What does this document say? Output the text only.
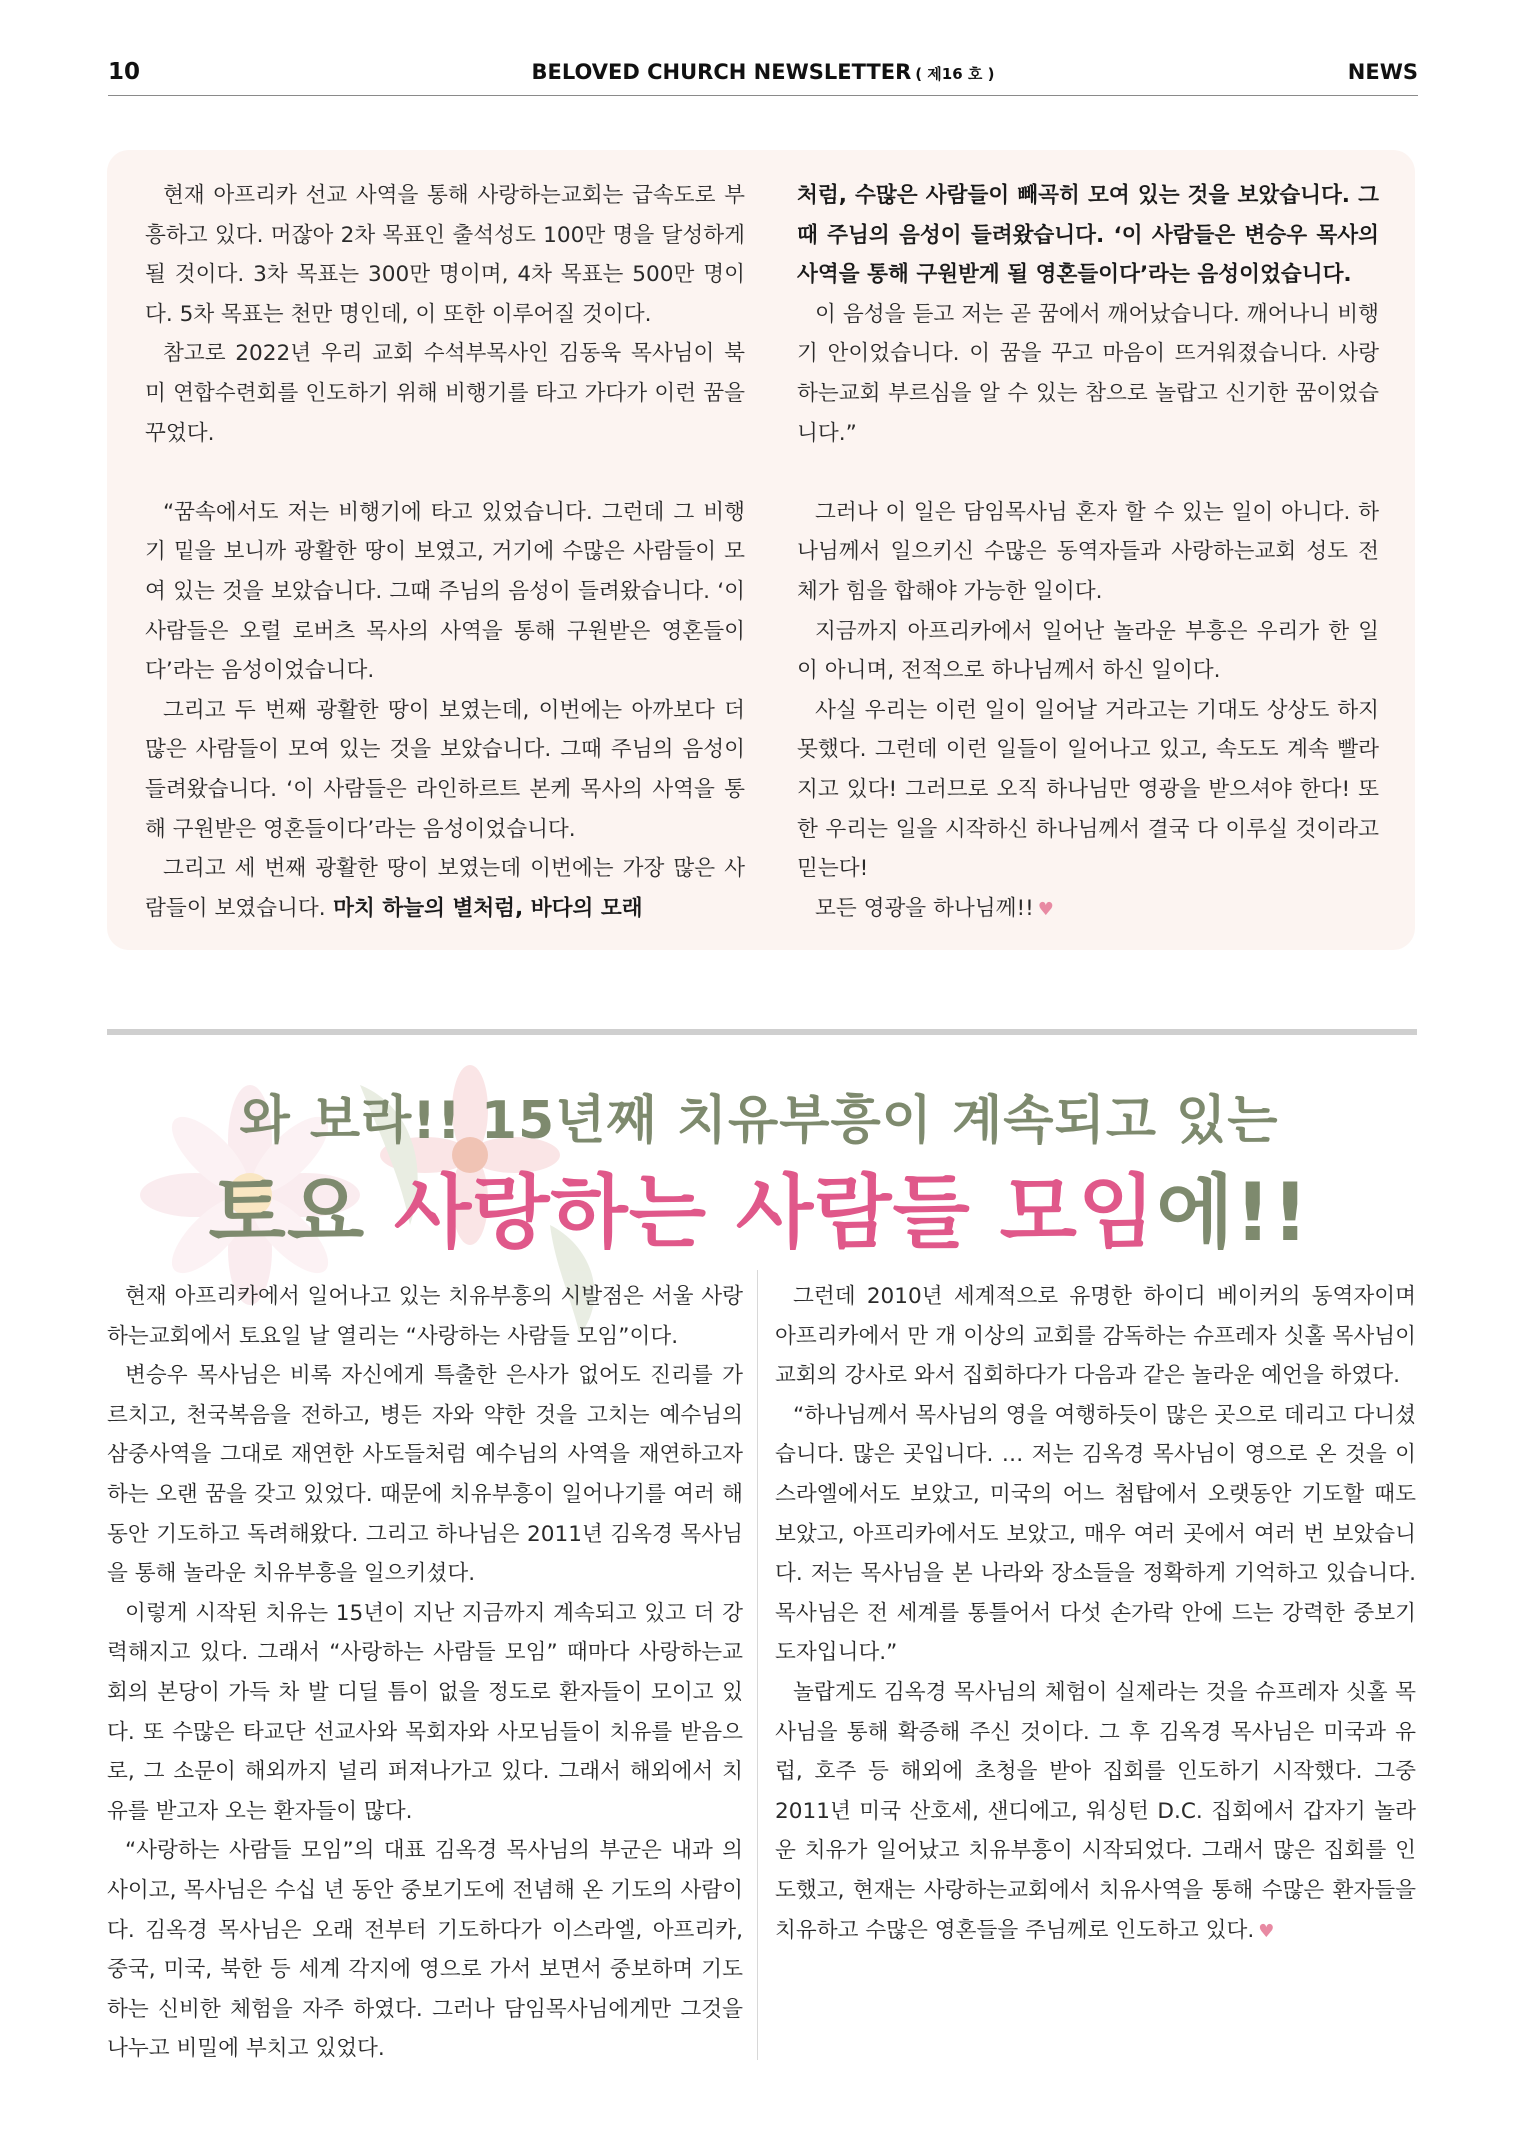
10	BELOVED CHURCH NEWSLETTER ( 제16 호 )	NEWS

현재 아프리카 선교 사역을 통해 사랑하는교회는 급속도로 부흥하고 있다. 머잖아 2차 목표인 출석성도 100만 명을 달성하게 될 것이다. 3차 목표는 300만 명이며, 4차 목표는 500만 명이다. 5차 목표는 천만 명인데, 이 또한 이루어질 것이다.

참고로 2022년 우리 교회 수석부목사인 김동욱 목사님이 북미 연합수련회를 인도하기 위해 비행기를 타고 가다가 이런 꿈을 꾸었다.

“꿈속에서도 저는 비행기에 타고 있었습니다. 그런데 그 비행기 밑을 보니까 광활한 땅이 보였고, 거기에 수많은 사람들이 모여 있는 것을 보았습니다. 그때 주님의 음성이 들려왔습니다. ‘이 사람들은 오럴 로버츠 목사의 사역을 통해 구원받은 영혼들이다’라는 음성이었습니다.

그리고 두 번째 광활한 땅이 보였는데, 이번에는 아까보다 더 많은 사람들이 모여 있는 것을 보았습니다. 그때 주님의 음성이 들려왔습니다. ‘이 사람들은 라인하르트 본케 목사의 사역을 통해 구원받은 영혼들이다’라는 음성이었습니다.

그리고 세 번째 광활한 땅이 보였는데 이번에는 가장 많은 사람들이 보였습니다. 마치 하늘의 별처럼, 바다의 모래

처럼, 수많은 사람들이 빼곡히 모여 있는 것을 보았습니다. 그때 주님의 음성이 들려왔습니다. ‘이 사람들은 변승우 목사의 사역을 통해 구원받게 될 영혼들이다’라는 음성이었습니다.

이 음성을 듣고 저는 곧 꿈에서 깨어났습니다. 깨어나니 비행기 안이었습니다. 이 꿈을 꾸고 마음이 뜨거워졌습니다. 사랑하는교회 부르심을 알 수 있는 참으로 놀랍고 신기한 꿈이었습니다.”

그러나 이 일은 담임목사님 혼자 할 수 있는 일이 아니다. 하나님께서 일으키신 수많은 동역자들과 사랑하는교회 성도 전체가 힘을 합해야 가능한 일이다.

지금까지 아프리카에서 일어난 놀라운 부흥은 우리가 한 일이 아니며, 전적으로 하나님께서 하신 일이다.

사실 우리는 이런 일이 일어날 거라고는 기대도 상상도 하지 못했다. 그런데 이런 일들이 일어나고 있고, 속도도 계속 빨라지고 있다! 그러므로 오직 하나님만 영광을 받으셔야 한다! 또한 우리는 일을 시작하신 하나님께서 결국 다 이루실 것이라고 믿는다!

모든 영광을 하나님께!! ♥

와 보라!! 15년째 치유부흥이 계속되고 있는
토요 사랑하는 사람들 모임에!!

현재 아프리카에서 일어나고 있는 치유부흥의 시발점은 서울 사랑하는교회에서 토요일 날 열리는 “사랑하는 사람들 모임”이다.

변승우 목사님은 비록 자신에게 특출한 은사가 없어도 진리를 가르치고, 천국복음을 전하고, 병든 자와 약한 것을 고치는 예수님의 삼중사역을 그대로 재연한 사도들처럼 예수님의 사역을 재연하고자 하는 오랜 꿈을 갖고 있었다. 때문에 치유부흥이 일어나기를 여러 해 동안 기도하고 독려해왔다. 그리고 하나님은 2011년 김옥경 목사님을 통해 놀라운 치유부흥을 일으키셨다.

이렇게 시작된 치유는 15년이 지난 지금까지 계속되고 있고 더 강력해지고 있다. 그래서 “사랑하는 사람들 모임” 때마다 사랑하는교회의 본당이 가득 차 발 디딜 틈이 없을 정도로 환자들이 모이고 있다. 또 수많은 타교단 선교사와 목회자와 사모님들이 치유를 받음으로, 그 소문이 해외까지 널리 퍼져나가고 있다. 그래서 해외에서 치유를 받고자 오는 환자들이 많다.

“사랑하는 사람들 모임”의 대표 김옥경 목사님의 부군은 내과 의사이고, 목사님은 수십 년 동안 중보기도에 전념해 온 기도의 사람이다. 김옥경 목사님은 오래 전부터 기도하다가 이스라엘, 아프리카, 중국, 미국, 북한 등 세계 각지에 영으로 가서 보면서 중보하며 기도하는 신비한 체험을 자주 하였다. 그러나 담임목사님에게만 그것을 나누고 비밀에 부치고 있었다.

그런데 2010년 세계적으로 유명한 하이디 베이커의 동역자이며 아프리카에서 만 개 이상의 교회를 감독하는 슈프레자 싯홀 목사님이 교회의 강사로 와서 집회하다가 다음과 같은 놀라운 예언을 하였다.

“하나님께서 목사님의 영을 여행하듯이 많은 곳으로 데리고 다니셨습니다. 많은 곳입니다. … 저는 김옥경 목사님이 영으로 온 것을 이스라엘에서도 보았고, 미국의 어느 첨탑에서 오랫동안 기도할 때도 보았고, 아프리카에서도 보았고, 매우 여러 곳에서 여러 번 보았습니다. 저는 목사님을 본 나라와 장소들을 정확하게 기억하고 있습니다. 목사님은 전 세계를 통틀어서 다섯 손가락 안에 드는 강력한 중보기도자입니다.”

놀랍게도 김옥경 목사님의 체험이 실제라는 것을 슈프레자 싯홀 목사님을 통해 확증해 주신 것이다. 그 후 김옥경 목사님은 미국과 유럽, 호주 등 해외에 초청을 받아 집회를 인도하기 시작했다. 그중 2011년 미국 산호세, 샌디에고, 워싱턴 D.C. 집회에서 갑자기 놀라운 치유가 일어났고 치유부흥이 시작되었다. 그래서 많은 집회를 인도했고, 현재는 사랑하는교회에서 치유사역을 통해 수많은 환자들을 치유하고 수많은 영혼들을 주님께로 인도하고 있다. ♥
